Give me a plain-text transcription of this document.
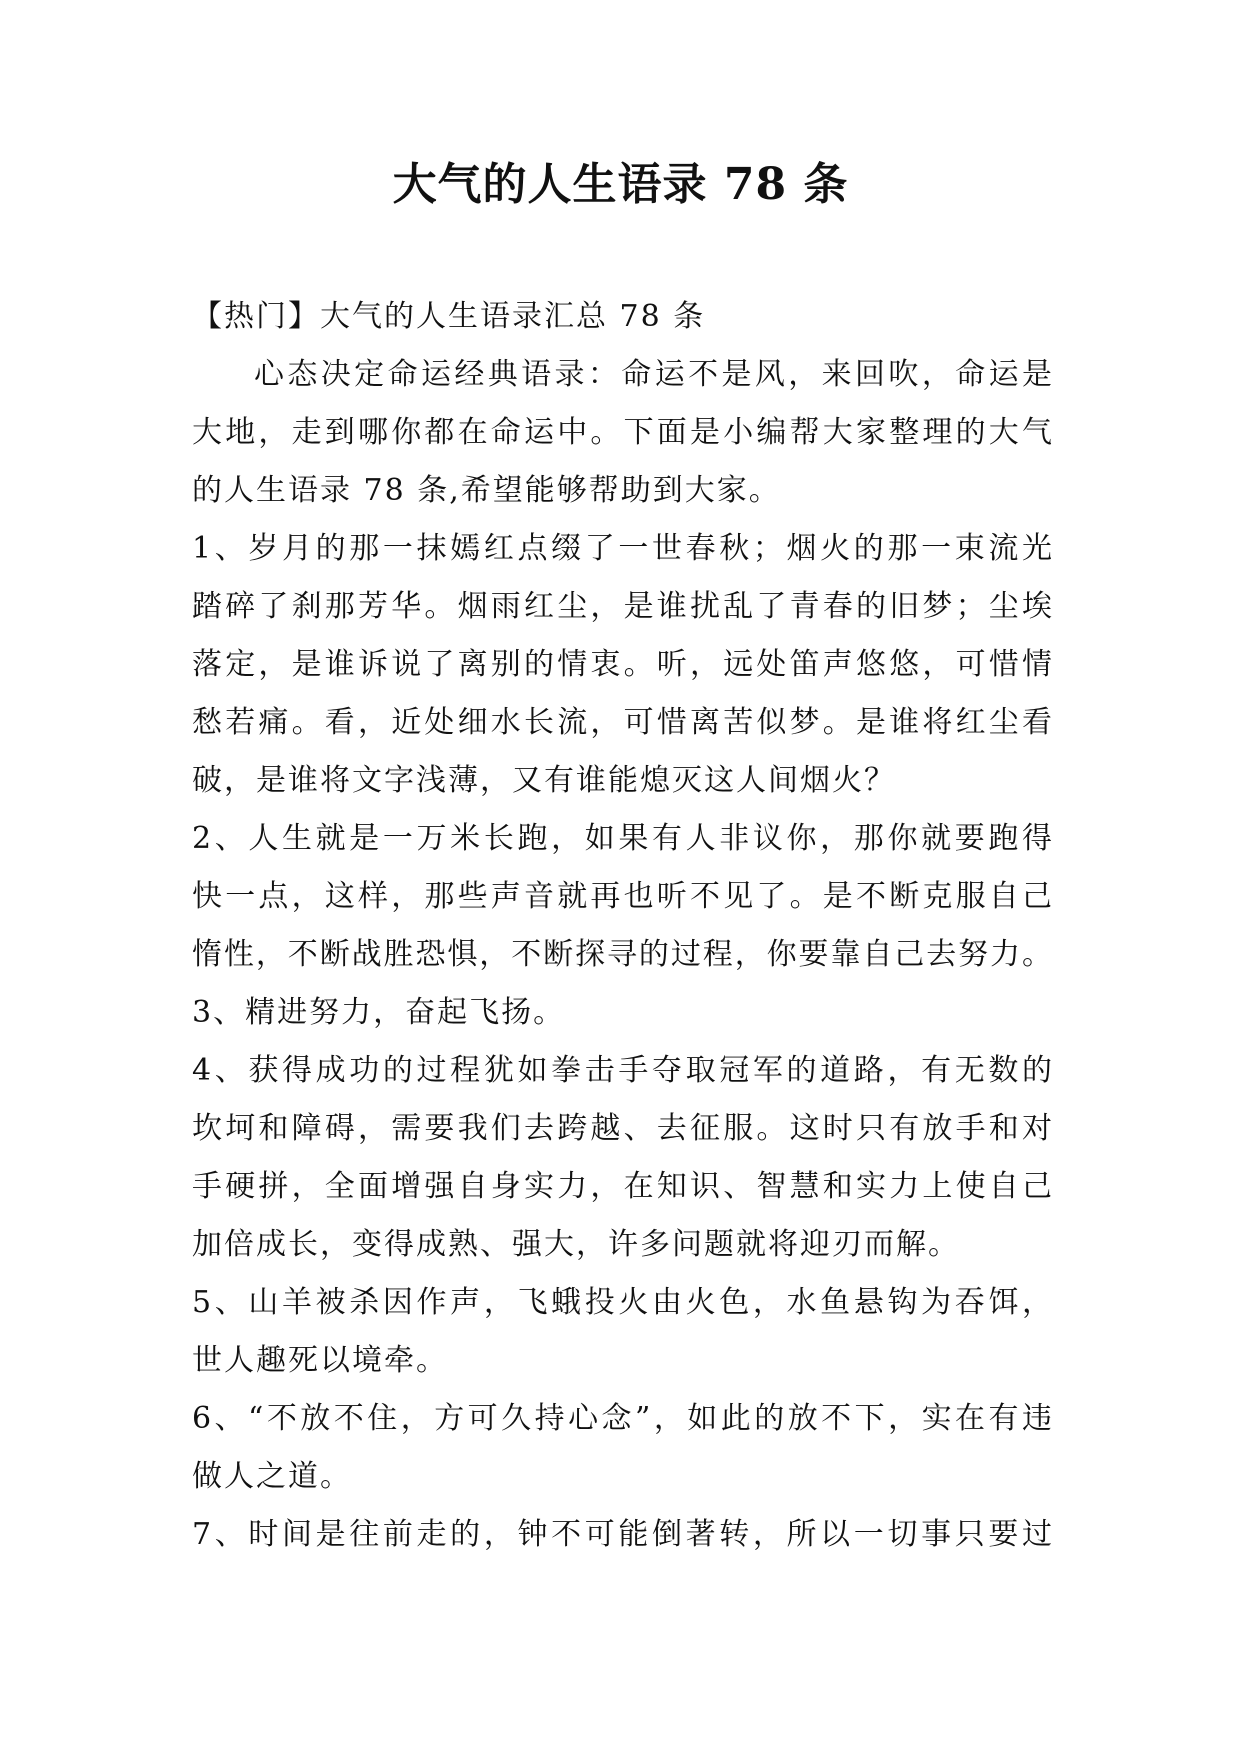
大气的人生语录 78 条
【热门】大气的人生语录汇总 78 条
心态决定命运经典语录：命运不是风，来回吹，命运是
大地，走到哪你都在命运中。下面是小编帮大家整理的大气
的人生语录 78 条,希望能够帮助到大家。
1、岁月的那一抹嫣红点缀了一世春秋；烟火的那一束流光
踏碎了刹那芳华。烟雨红尘，是谁扰乱了青春的旧梦；尘埃
落定，是谁诉说了离别的情衷。听，远处笛声悠悠，可惜情
愁若痛。看，近处细水长流，可惜离苦似梦。是谁将红尘看
破，是谁将文字浅薄，又有谁能熄灭这人间烟火？
2、人生就是一万米长跑，如果有人非议你，那你就要跑得
快一点，这样，那些声音就再也听不见了。是不断克服自己
惰性，不断战胜恐惧，不断探寻的过程，你要靠自己去努力。
3、精进努力，奋起飞扬。
4、获得成功的过程犹如拳击手夺取冠军的道路，有无数的
坎坷和障碍，需要我们去跨越、去征服。这时只有放手和对
手硬拼，全面增强自身实力，在知识、智慧和实力上使自己
加倍成长，变得成熟、强大，许多问题就将迎刃而解。
5、山羊被杀因作声，飞蛾投火由火色，水鱼悬钩为吞饵，
世人趣死以境牵。
6、“不放不住，方可久持心念”，如此的放不下，实在有违
做人之道。
7、时间是往前走的，钟不可能倒著转，所以一切事只要过
